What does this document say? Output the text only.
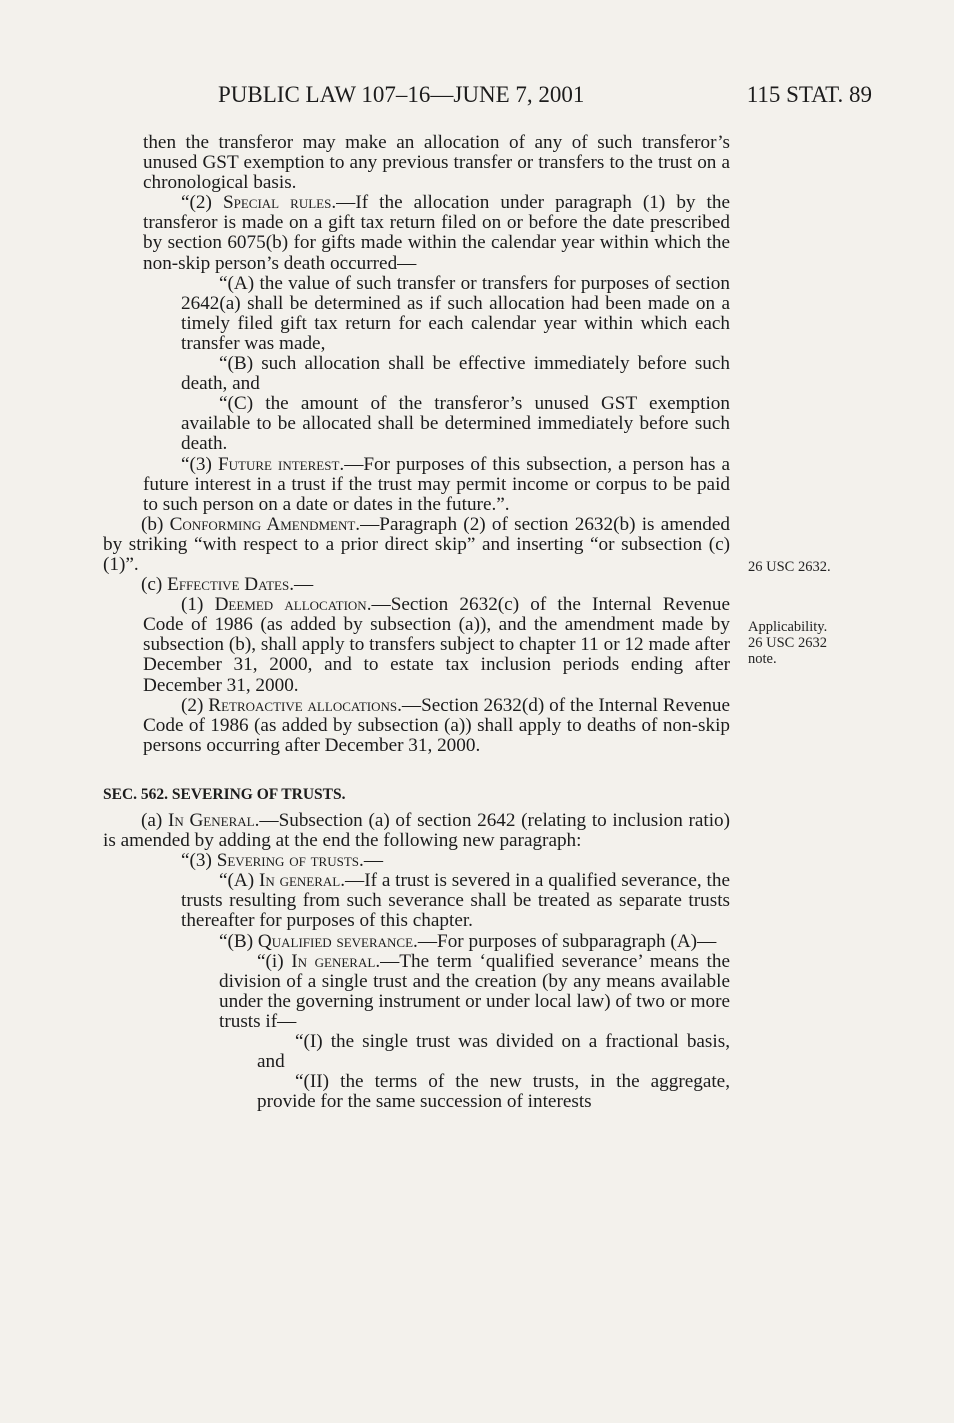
PUBLIC LAW 107–16—JUNE 7, 2001	115 STAT. 89

then the transferor may make an allocation of any of such transferor’s unused GST exemption to any previous transfer or transfers to the trust on a chronological basis.

“(2) Special rules.—If the allocation under paragraph (1) by the transferor is made on a gift tax return filed on or before the date prescribed by section 6075(b) for gifts made within the calendar year within which the non-skip person’s death occurred—

“(A) the value of such transfer or transfers for purposes of section 2642(a) shall be determined as if such allocation had been made on a timely filed gift tax return for each calendar year within which each transfer was made,

“(B) such allocation shall be effective immediately before such death, and

“(C) the amount of the transferor’s unused GST exemption available to be allocated shall be determined immediately before such death.

“(3) Future interest.—For purposes of this subsection, a person has a future interest in a trust if the trust may permit income or corpus to be paid to such person on a date or dates in the future.”.

(b) Conforming Amendment.—Paragraph (2) of section 2632(b) is amended by striking “with respect to a prior direct skip” and inserting “or subsection (c)(1)”.

(c) Effective Dates.—

(1) Deemed allocation.—Section 2632(c) of the Internal Revenue Code of 1986 (as added by subsection (a)), and the amendment made by subsection (b), shall apply to transfers subject to chapter 11 or 12 made after December 31, 2000, and to estate tax inclusion periods ending after December 31, 2000.

(2) Retroactive allocations.—Section 2632(d) of the Internal Revenue Code of 1986 (as added by subsection (a)) shall apply to deaths of non-skip persons occurring after December 31, 2000.

SEC. 562. SEVERING OF TRUSTS.

(a) In General.—Subsection (a) of section 2642 (relating to inclusion ratio) is amended by adding at the end the following new paragraph:

“(3) Severing of trusts.—

“(A) In general.—If a trust is severed in a qualified severance, the trusts resulting from such severance shall be treated as separate trusts thereafter for purposes of this chapter.

“(B) Qualified severance.—For purposes of subparagraph (A)—

“(i) In general.—The term ‘qualified severance’ means the division of a single trust and the creation (by any means available under the governing instrument or under local law) of two or more trusts if—

“(I) the single trust was divided on a fractional basis, and

“(II) the terms of the new trusts, in the aggregate, provide for the same succession of interests

26 USC 2632.
Applicability.
26 USC 2632
note.
